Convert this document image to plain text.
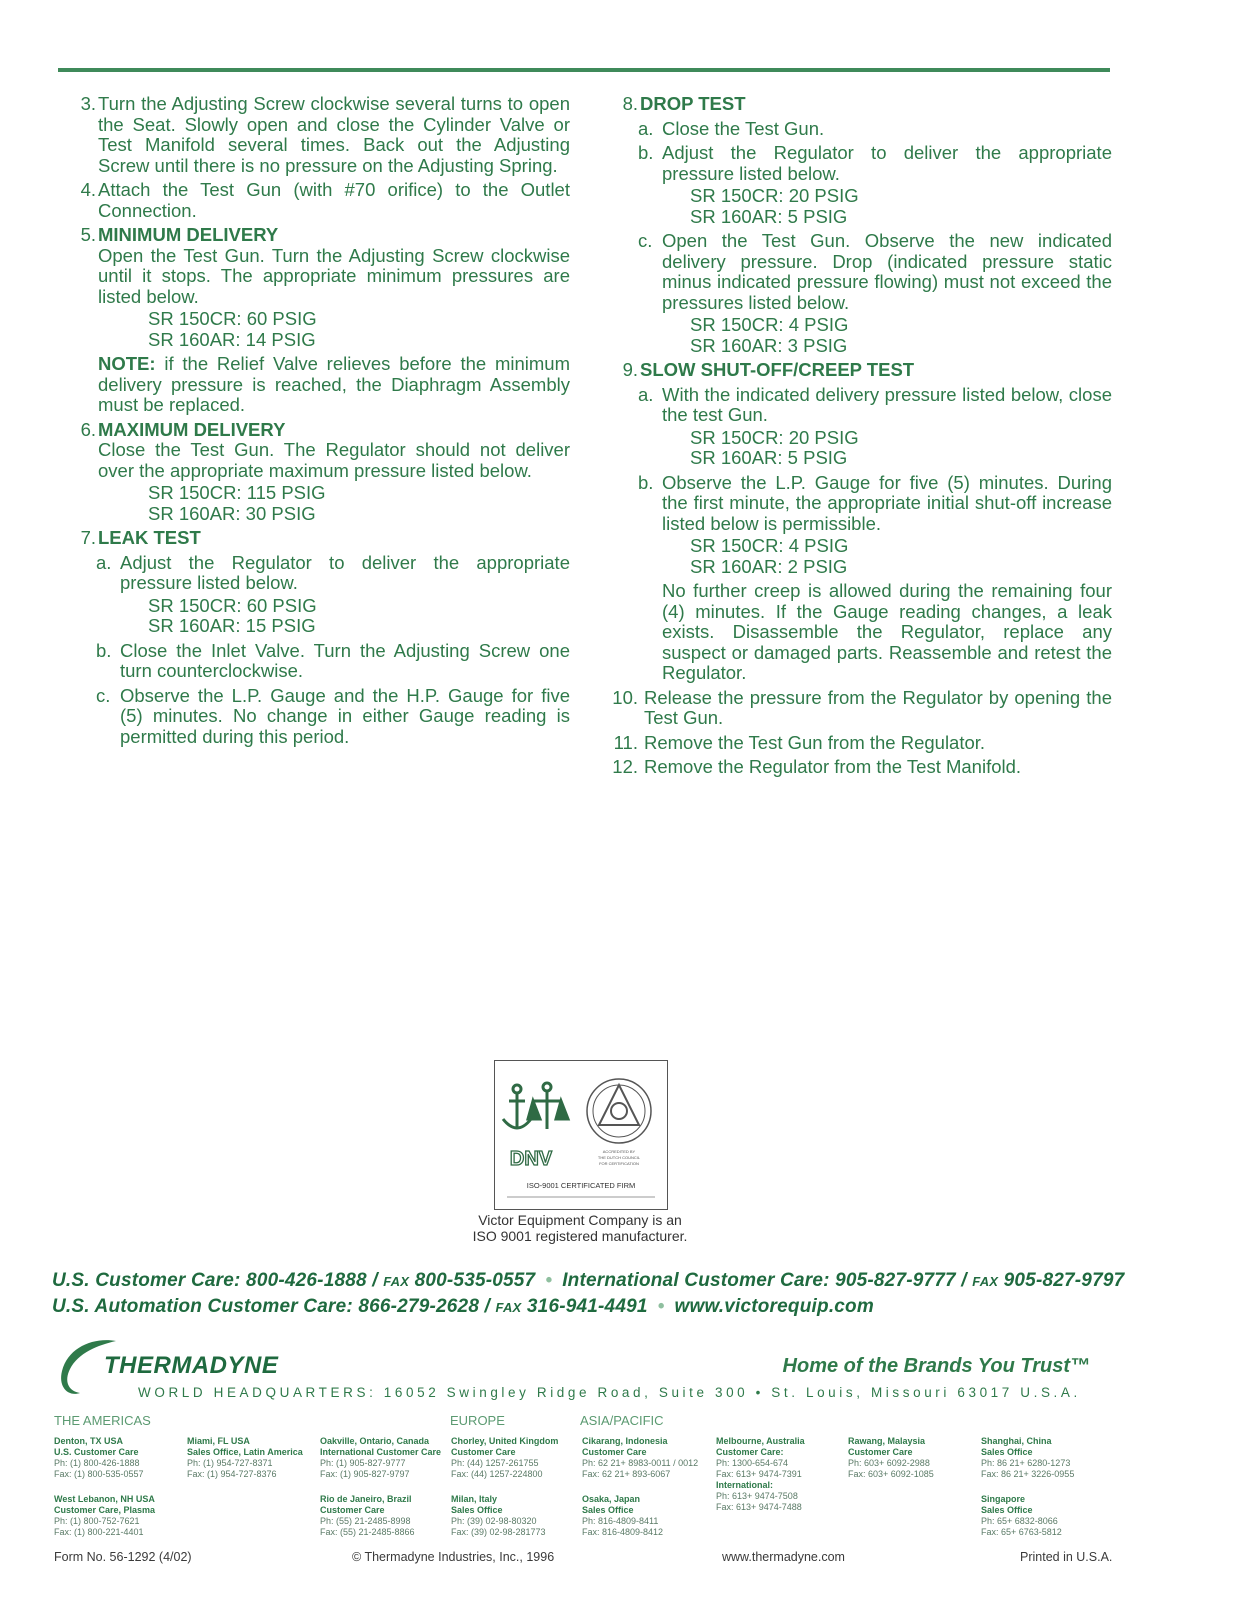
3. Turn the Adjusting Screw clockwise several turns to open the Seat. Slowly open and close the Cylinder Valve or Test Manifold several times. Back out the Adjusting Screw until there is no pressure on the Adjusting Spring.
4. Attach the Test Gun (with #70 orifice) to the Outlet Connection.
5. MINIMUM DELIVERY
Open the Test Gun. Turn the Adjusting Screw clockwise until it stops. The appropriate minimum pressures are listed below.
SR 150CR: 60 PSIG
SR 160AR: 14 PSIG
NOTE: if the Relief Valve relieves before the minimum delivery pressure is reached, the Diaphragm Assembly must be replaced.
6. MAXIMUM DELIVERY
Close the Test Gun. The Regulator should not deliver over the appropriate maximum pressure listed below.
SR 150CR: 115 PSIG
SR 160AR: 30 PSIG
7. LEAK TEST
a. Adjust the Regulator to deliver the appropriate pressure listed below.
SR 150CR: 60 PSIG
SR 160AR: 15 PSIG
b. Close the Inlet Valve. Turn the Adjusting Screw one turn counterclockwise.
c. Observe the L.P. Gauge and the H.P. Gauge for five (5) minutes. No change in either Gauge reading is permitted during this period.
8. DROP TEST
a. Close the Test Gun.
b. Adjust the Regulator to deliver the appropriate pressure listed below.
SR 150CR: 20 PSIG
SR 160AR: 5 PSIG
c. Open the Test Gun. Observe the new indicated delivery pressure. Drop (indicated pressure static minus indicated pressure flowing) must not exceed the pressures listed below.
SR 150CR: 4 PSIG
SR 160AR: 3 PSIG
9. SLOW SHUT-OFF/CREEP TEST
a. With the indicated delivery pressure listed below, close the test Gun.
SR 150CR: 20 PSIG
SR 160AR: 5 PSIG
b. Observe the L.P. Gauge for five (5) minutes. During the first minute, the appropriate initial shut-off increase listed below is permissible.
SR 150CR: 4 PSIG
SR 160AR: 2 PSIG
No further creep is allowed during the remaining four (4) minutes. If the Gauge reading changes, a leak exists. Disassemble the Regulator, replace any suspect or damaged parts. Reassemble and retest the Regulator.
10. Release the pressure from the Regulator by opening the Test Gun.
11. Remove the Test Gun from the Regulator.
12. Remove the Regulator from the Test Manifold.
DNV	ACCREDITED BY
THE DUTCH COUNCIL
FOR CERTIFICATION
ISO-9001 CERTIFICATED FIRM
Victor Equipment Company is an
ISO 9001 registered manufacturer.
U.S. Customer Care: 800-426-1888 / FAX 800-535-0557 • International Customer Care: 905-827-9777 / FAX 905-827-9797
U.S. Automation Customer Care: 866-279-2628 / FAX 316-941-4491 • www.victorequip.com
THERMADYNE	Home of the Brands You Trust™
WORLD HEADQUARTERS: 16052 Swingley Ridge Road, Suite 300 • St. Louis, Missouri 63017 U.S.A.
THE AMERICAS	EUROPE	ASIA/PACIFIC
Denton, TX USA
U.S. Customer Care
Ph: (1) 800-426-1888
Fax: (1) 800-535-0557
Miami, FL USA
Sales Office, Latin America
Ph: (1) 954-727-8371
Fax: (1) 954-727-8376
Oakville, Ontario, Canada
International Customer Care
Ph: (1) 905-827-9777
Fax: (1) 905-827-9797
Chorley, United Kingdom
Customer Care
Ph: (44) 1257-261755
Fax: (44) 1257-224800
Cikarang, Indonesia
Customer Care
Ph: 62 21+ 8983-0011 / 0012
Fax: 62 21+ 893-6067
Melbourne, Australia
Customer Care:
Ph: 1300-654-674
Fax: 613+ 9474-7391
Rawang, Malaysia
Customer Care
Ph: 603+ 6092-2988
Fax: 603+ 6092-1085
Shanghai, China
Sales Office
Ph: 86 21+ 6280-1273
Fax: 86 21+ 3226-0955
West Lebanon, NH USA
Customer Care, Plasma
Ph: (1) 800-752-7621
Fax: (1) 800-221-4401
Rio de Janeiro, Brazil
Customer Care
Ph: (55) 21-2485-8998
Fax: (55) 21-2485-8866
Milan, Italy
Sales Office
Ph: (39) 02-98-80320
Fax: (39) 02-98-281773
Osaka, Japan
Sales Office
Ph: 816-4809-8411
Fax: 816-4809-8412
International:
Ph: 613+ 9474-7508
Fax: 613+ 9474-7488
Singapore
Sales Office
Ph: 65+ 6832-8066
Fax: 65+ 6763-5812
Form No. 56-1292 (4/02)	© Thermadyne Industries, Inc., 1996	www.thermadyne.com	Printed in U.S.A.
